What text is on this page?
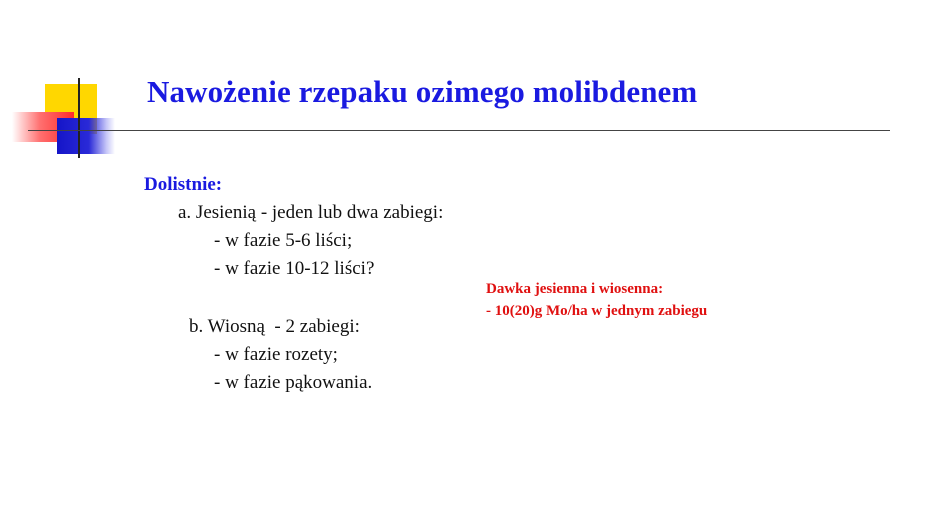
Nawożenie rzepaku ozimego molibdenem
Dolistnie:
a. Jesienią - jeden lub dwa zabiegi:
- w fazie 5-6 liści;
- w fazie 10-12 liści?
b. Wiosną  - 2 zabiegi:
- w fazie rozety;
- w fazie pąkowania.
Dawka jesienna i wiosenna:
- 10(20)g Mo/ha w jednym zabiegu
